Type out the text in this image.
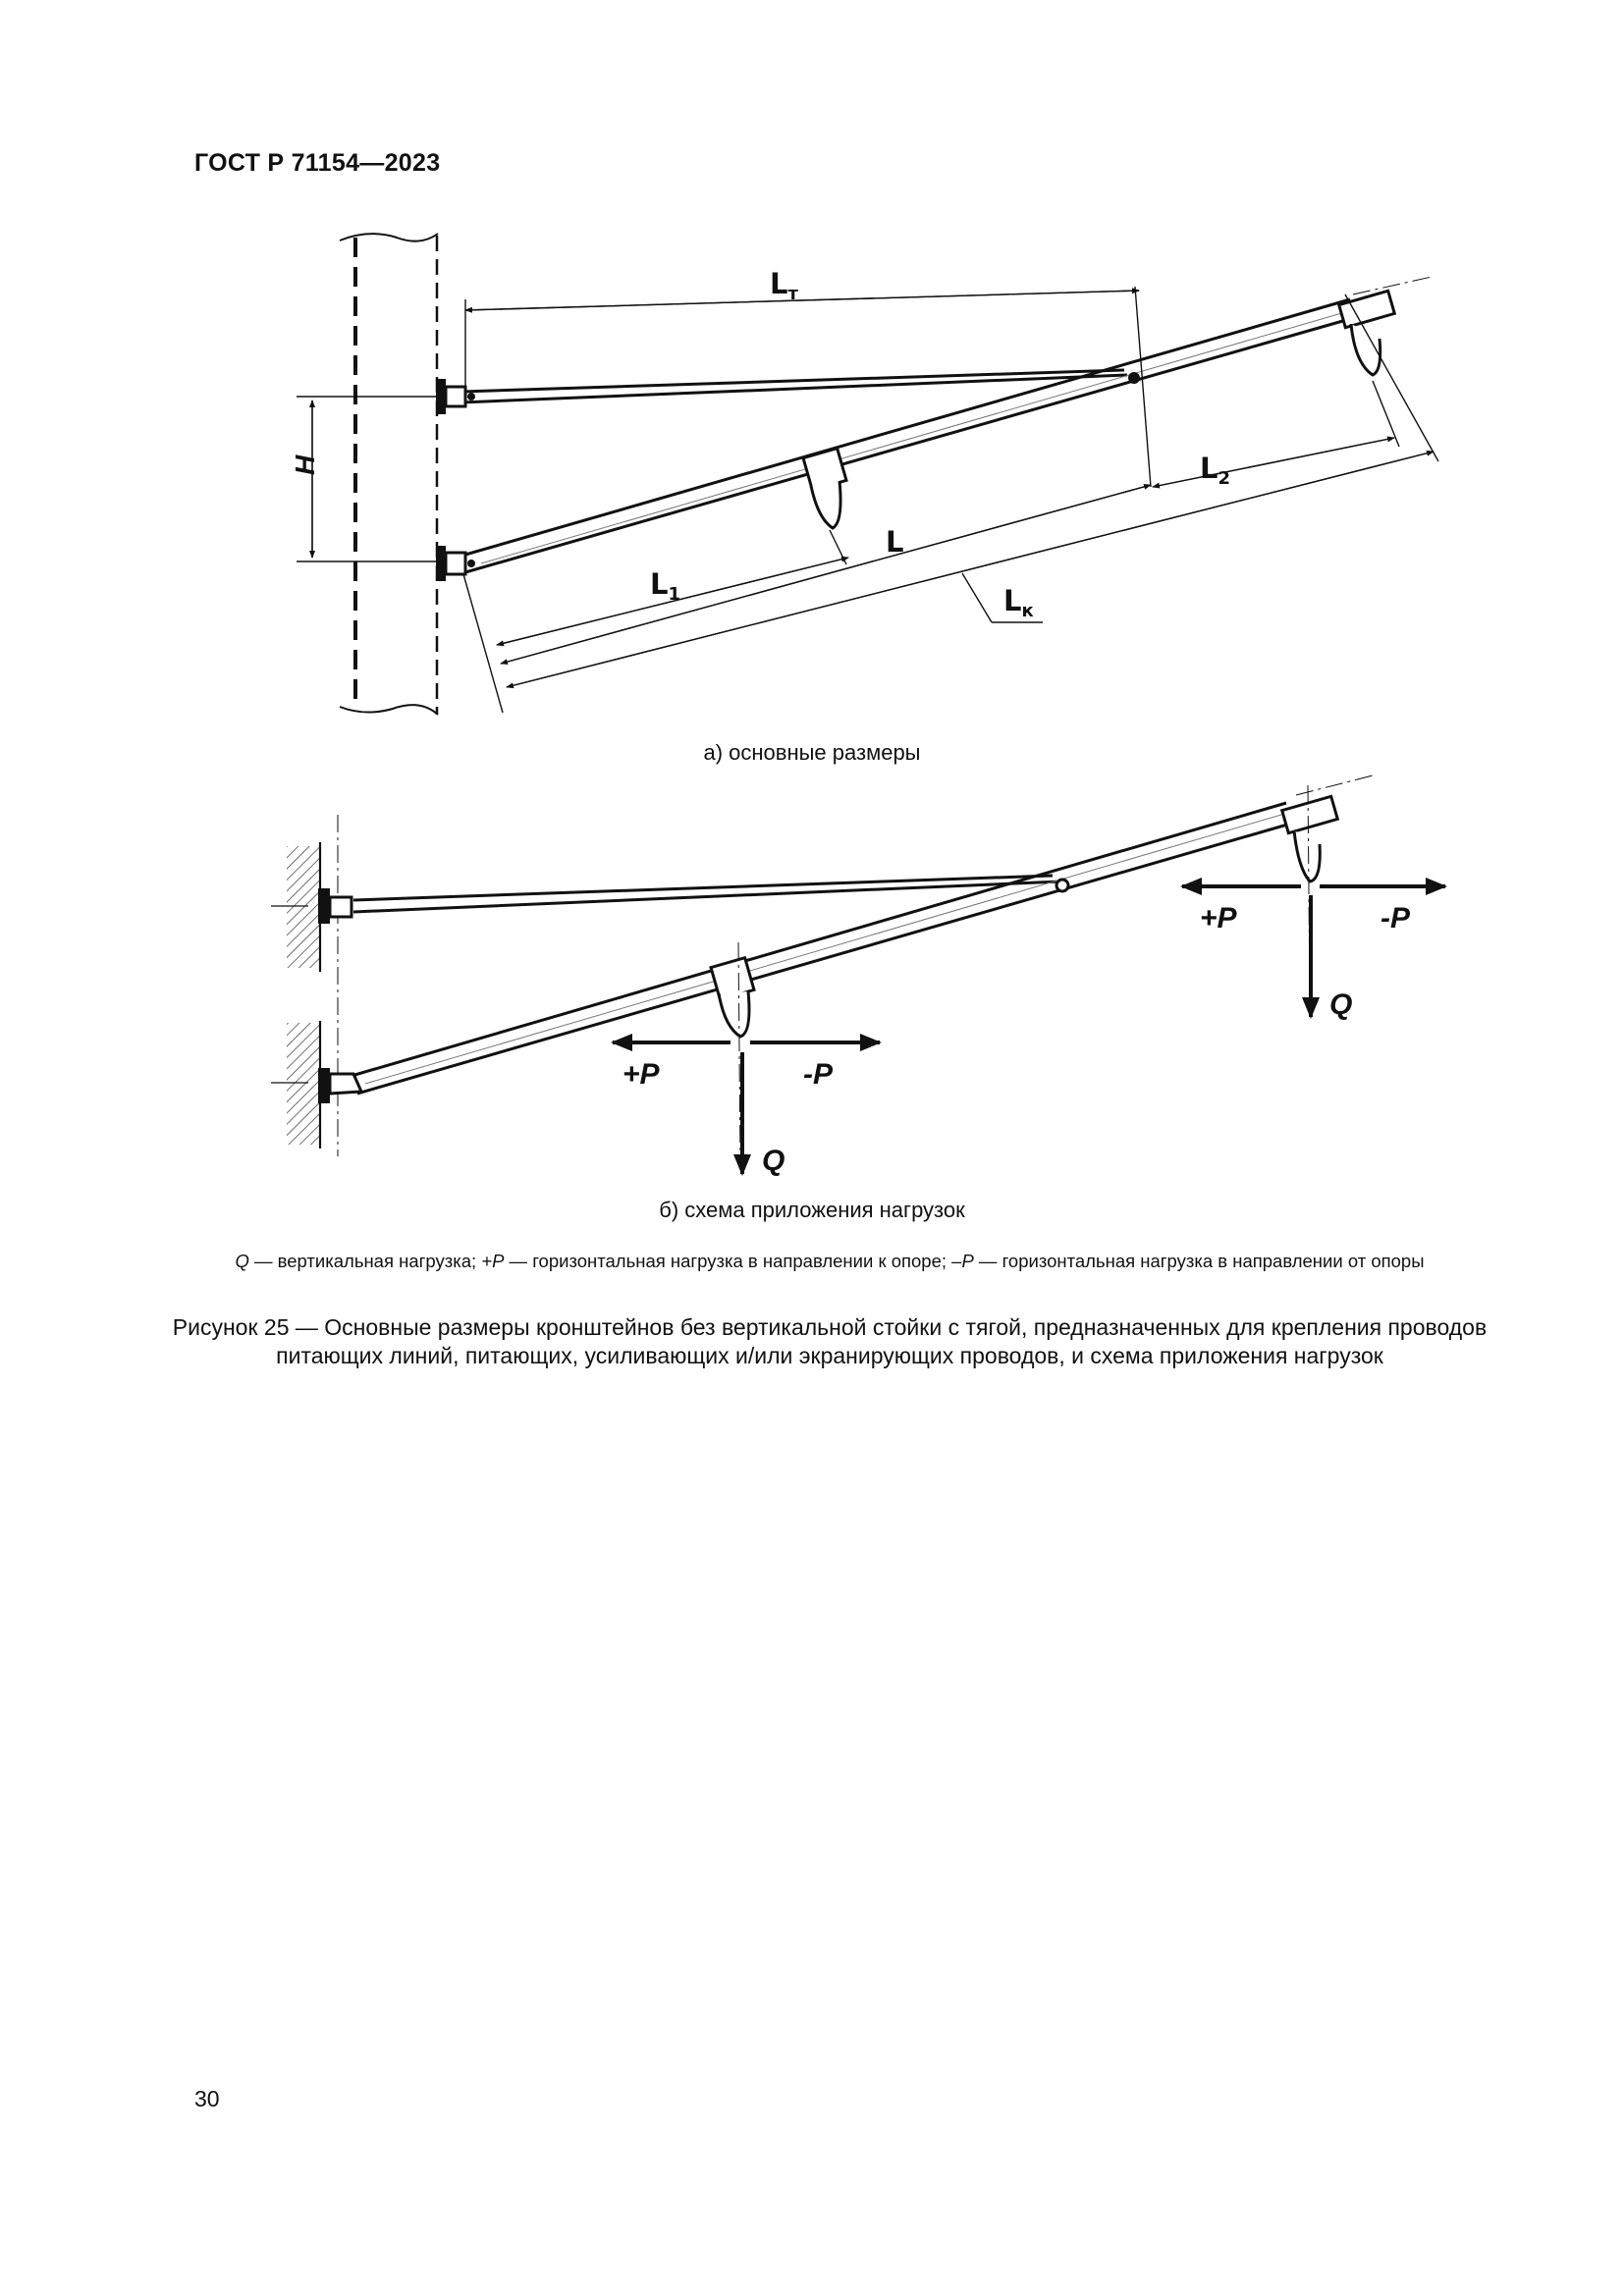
ГОСТ Р 71154—2023
H
$L_т$
$L_1$
L
$L_2$
$L_к$
+P	-P
Q
+P	-P
Q
а) основные размеры
б) схема приложения нагрузок
Q — вертикальная нагрузка; +P — горизонтальная нагрузка в направлении к опоре; –P — горизонтальная нагрузка в направлении от опоры
Рисунок 25 — Основные размеры кронштейнов без вертикальной стойки с тягой, предназначенных для крепления проводов питающих линий, питающих, усиливающих и/или экранирующих проводов, и схема приложения нагрузок
30
